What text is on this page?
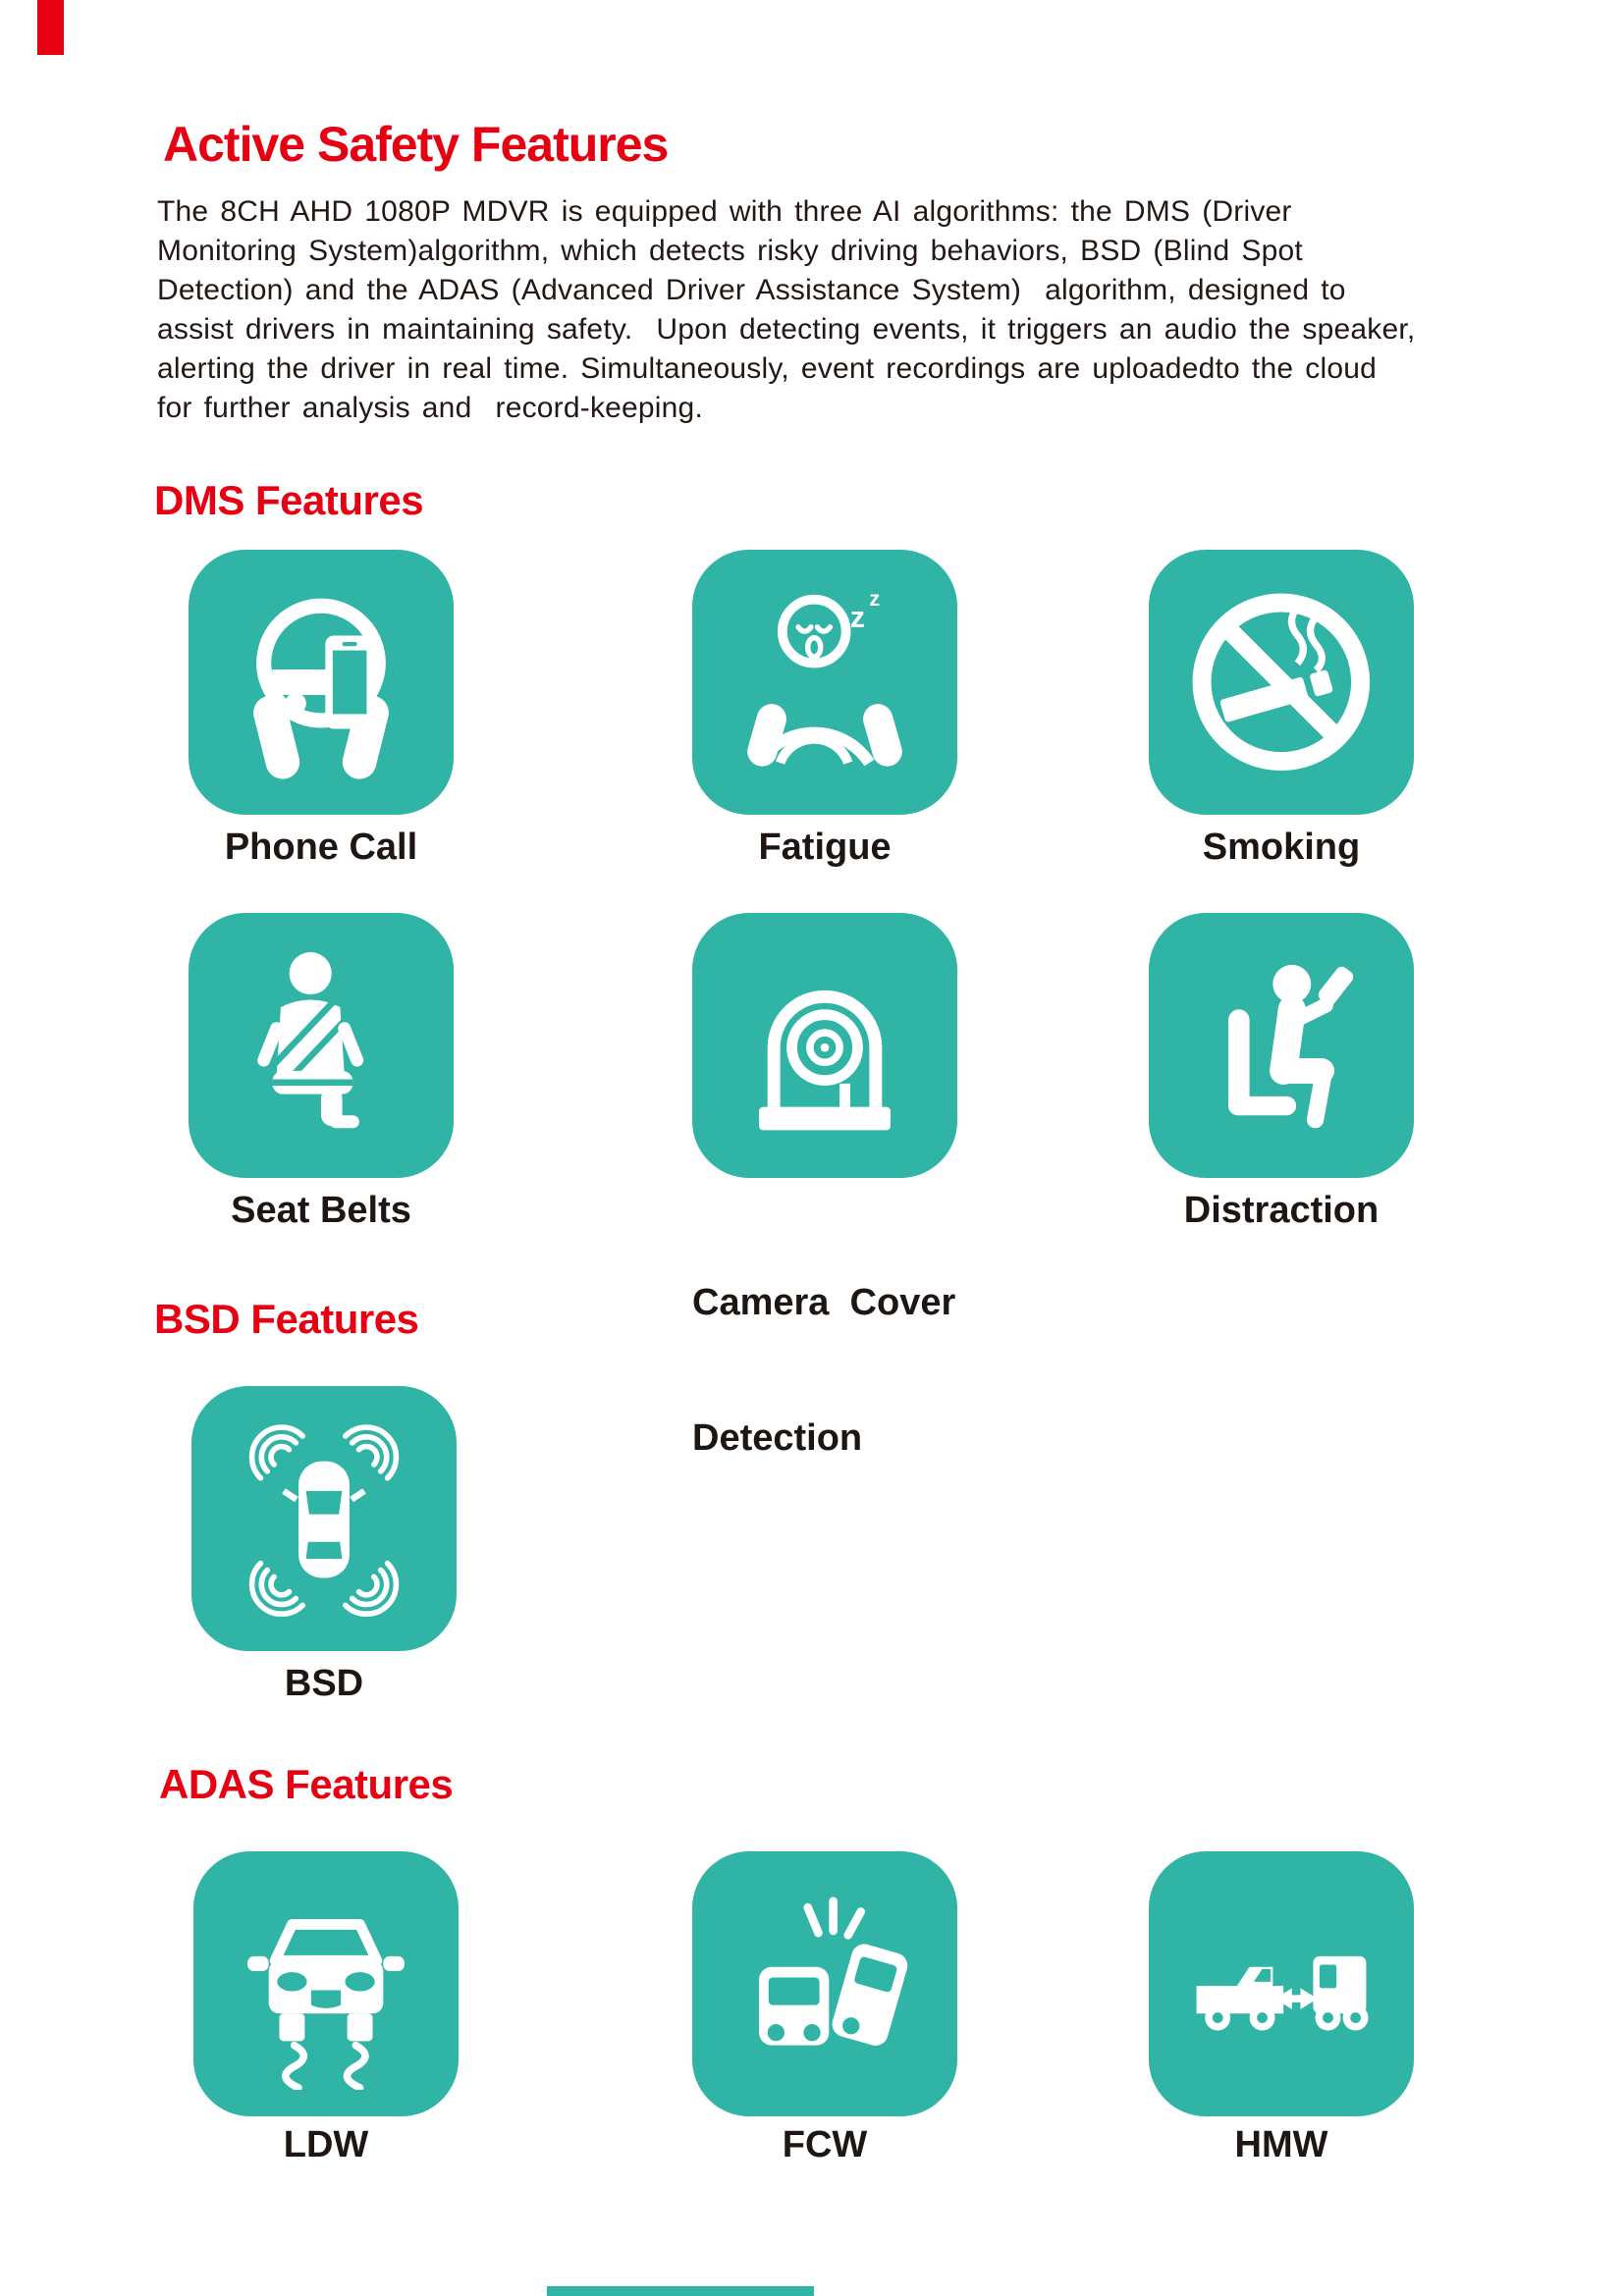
Active Safety Features
The 8CH AHD 1080P MDVR is equipped with three AI algorithms: the DMS (Driver
Monitoring System)algorithm, which detects risky driving behaviors, BSD (Blind Spot
Detection) and the ADAS (Advanced Driver Assistance System)  algorithm, designed to
assist drivers in maintaining safety.  Upon detecting events, it triggers an audio the speaker,
alerting the driver in real time. Simultaneously, event recordings are uploadedto the cloud
for further analysis and  record-keeping.
DMS Features
Phone Call
z
z
Fatigue	Smoking
Seat Belts

Camera  Cover

Detection

Distraction
BSD Features
BSD
ADAS Features
LDW	FCW	HMW
